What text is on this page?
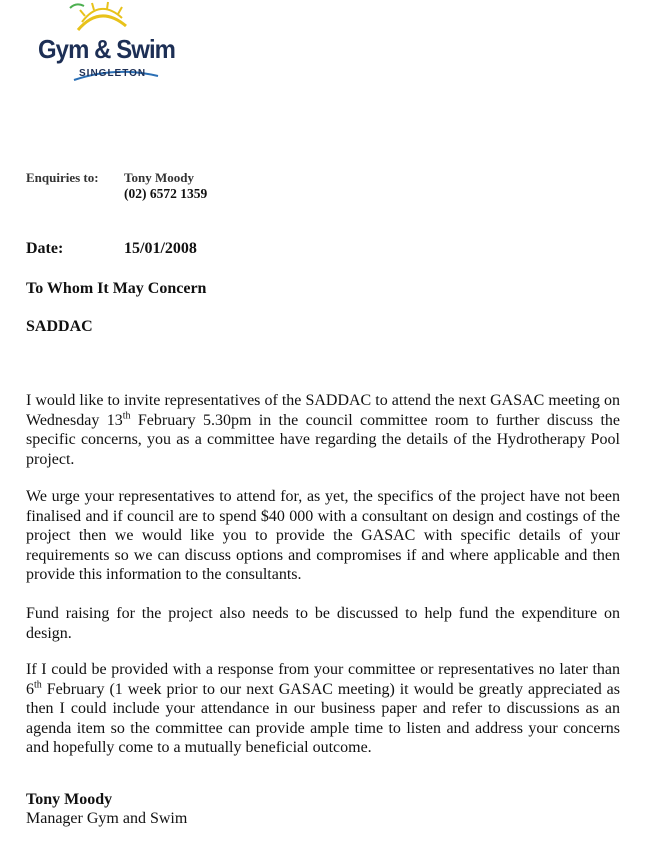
Gym & Swim
SINGLETON
Enquiries to: Tony Moody
(02) 6572 1359
Date:	15/01/2008
To Whom It May Concern
SADDAC

I would like to invite representatives of the SADDAC to attend the next GASAC meeting on Wednesday 13th February 5.30pm in the council committee room to further discuss the specific concerns, you as a committee have regarding the details of the Hydrotherapy Pool project.

We urge your representatives to attend for, as yet, the specifics of the project have not been finalised and if council are to spend $40 000 with a consultant on design and costings of the project then we would like you to provide the GASAC with specific details of your requirements so we can discuss options and compromises if and where applicable and then provide this information to the consultants.

Fund raising for the project also needs to be discussed to help fund the expenditure on design.

If I could be provided with a response from your committee or representatives no later than 6th February (1 week prior to our next GASAC meeting) it would be greatly appreciated as then I could include your attendance in our business paper and refer to discussions as an agenda item so the committee can provide ample time to listen and address your concerns and hopefully come to a mutually beneficial outcome.

Tony Moody
Manager Gym and Swim
